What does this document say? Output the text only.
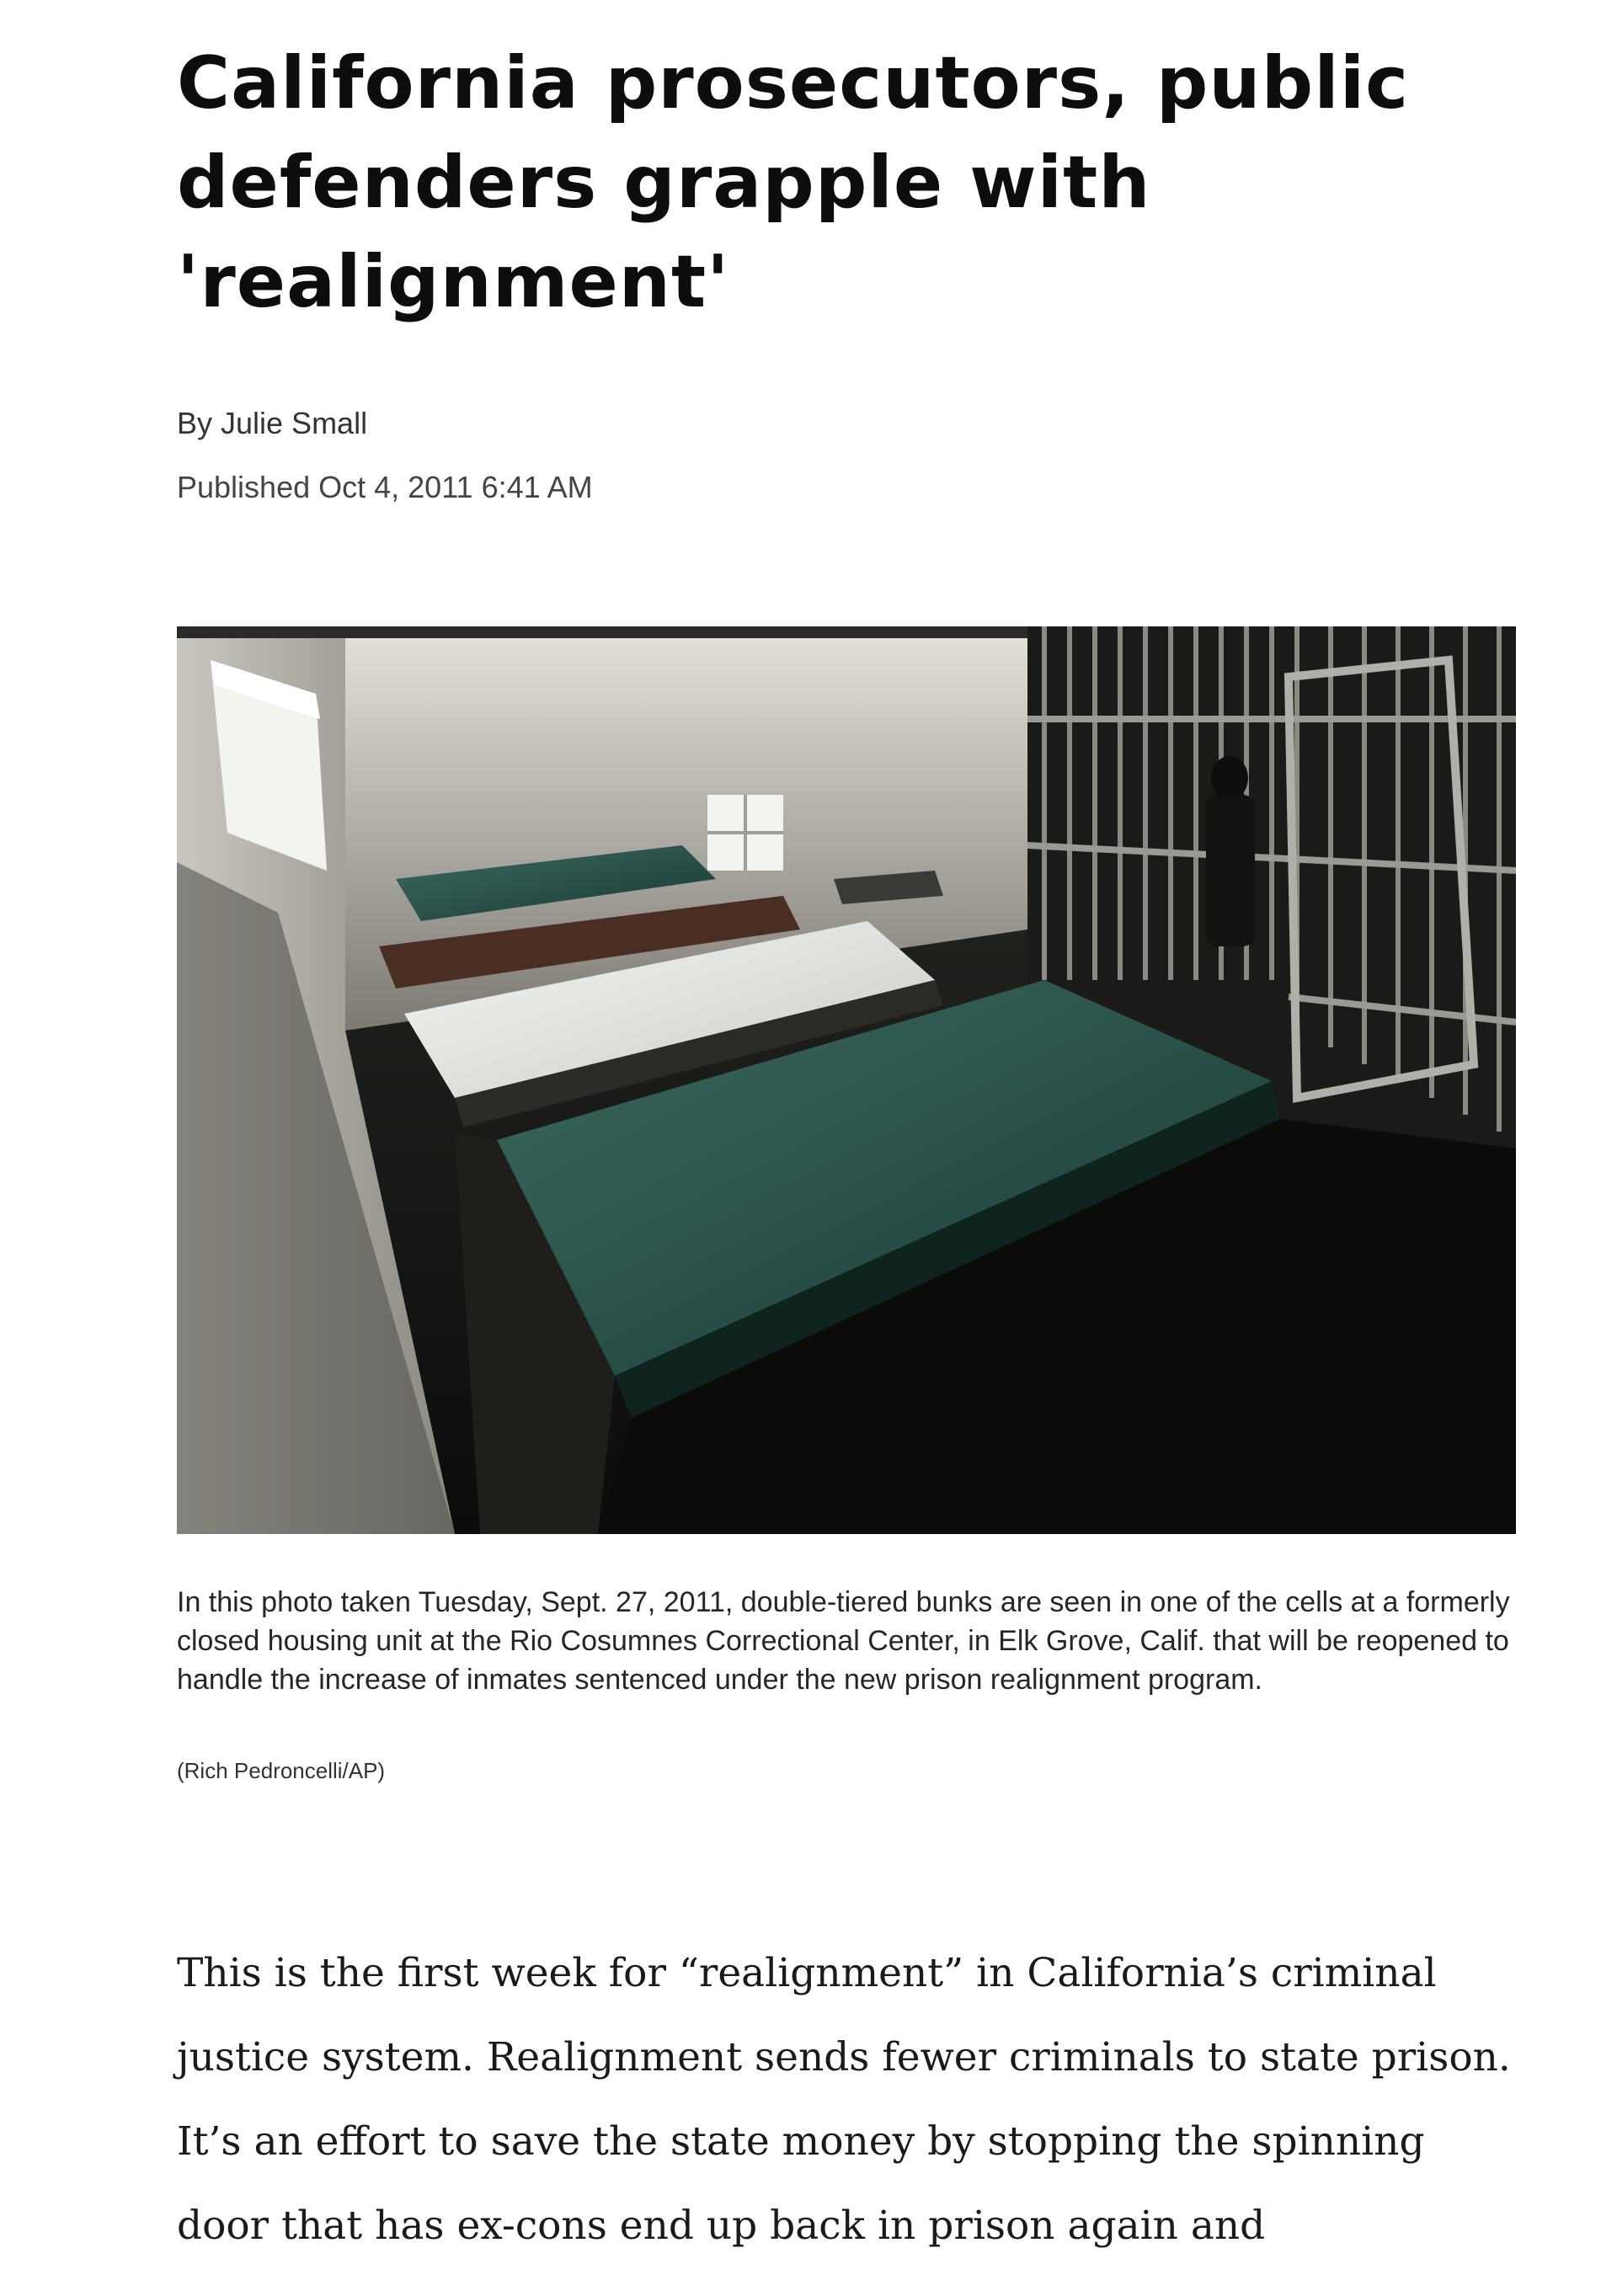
California prosecutors, public defenders grapple with 'realignment'
By Julie Small
Published Oct 4, 2011 6:41 AM
In this photo taken Tuesday, Sept. 27, 2011, double-tiered bunks are seen in one of the cells at a formerly closed housing unit at the Rio Cosumnes Correctional Center, in Elk Grove, Calif. that will be reopened to handle the increase of inmates sentenced under the new prison realignment program.
(Rich Pedroncelli/AP)
This is the first week for “realignment” in California’s criminal justice system. Realignment sends fewer criminals to state prison. It’s an effort to save the state money by stopping the spinning door that has ex-cons end up back in prison again and
